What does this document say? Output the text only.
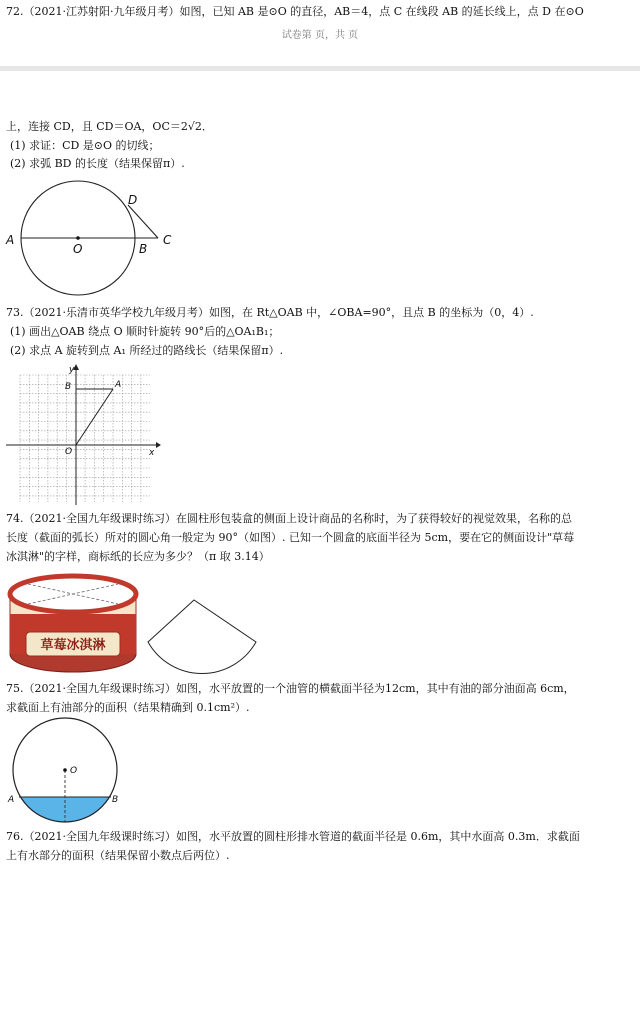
72.（2021·江苏射阳·九年级月考）如图，已知 AB 是⊙O 的直径，AB＝4，点 C 在线段 AB 的延长线上，点 D 在⊙O
试卷第 页，共 页
上，连接 CD，且 CD＝OA，OC＝2√2．
(1) 求证：CD 是⊙O 的切线；
(2) 求弧 BD 的长度（结果保留π）.
A
O	B
C
D
73.（2021·乐清市英华学校九年级月考）如图，在 Rt△OAB 中，∠OBA=90°，且点 B 的坐标为（0，4）.
(1) 画出△OAB 绕点 O 顺时针旋转 90°后的△OA₁B₁；
(2) 求点 A 旋转到点 A₁ 所经过的路线长（结果保留π）.
y
x
O
A
B
74.（2021·全国九年级课时练习）在圆柱形包装盒的侧面上设计商品的名称时，为了获得较好的视觉效果，名称的总
长度（截面的弧长）所对的圆心角一般定为 90°（如图）. 已知一个圆盒的底面半径为 5cm，要在它的侧面设计"草莓
冰淇淋"的字样，商标纸的长应为多少？（π 取 3.14）
草莓冰淇淋
75.（2021·全国九年级课时练习）如图，水平放置的一个油管的横截面半径为12cm，其中有油的部分油面高 6cm，
求截面上有油部分的面积（结果精确到 0.1cm²）.
O
A	B
76.（2021·全国九年级课时练习）如图，水平放置的圆柱形排水管道的截面半径是 0.6m，其中水面高 0.3m．求截面
上有水部分的面积（结果保留小数点后两位）.
